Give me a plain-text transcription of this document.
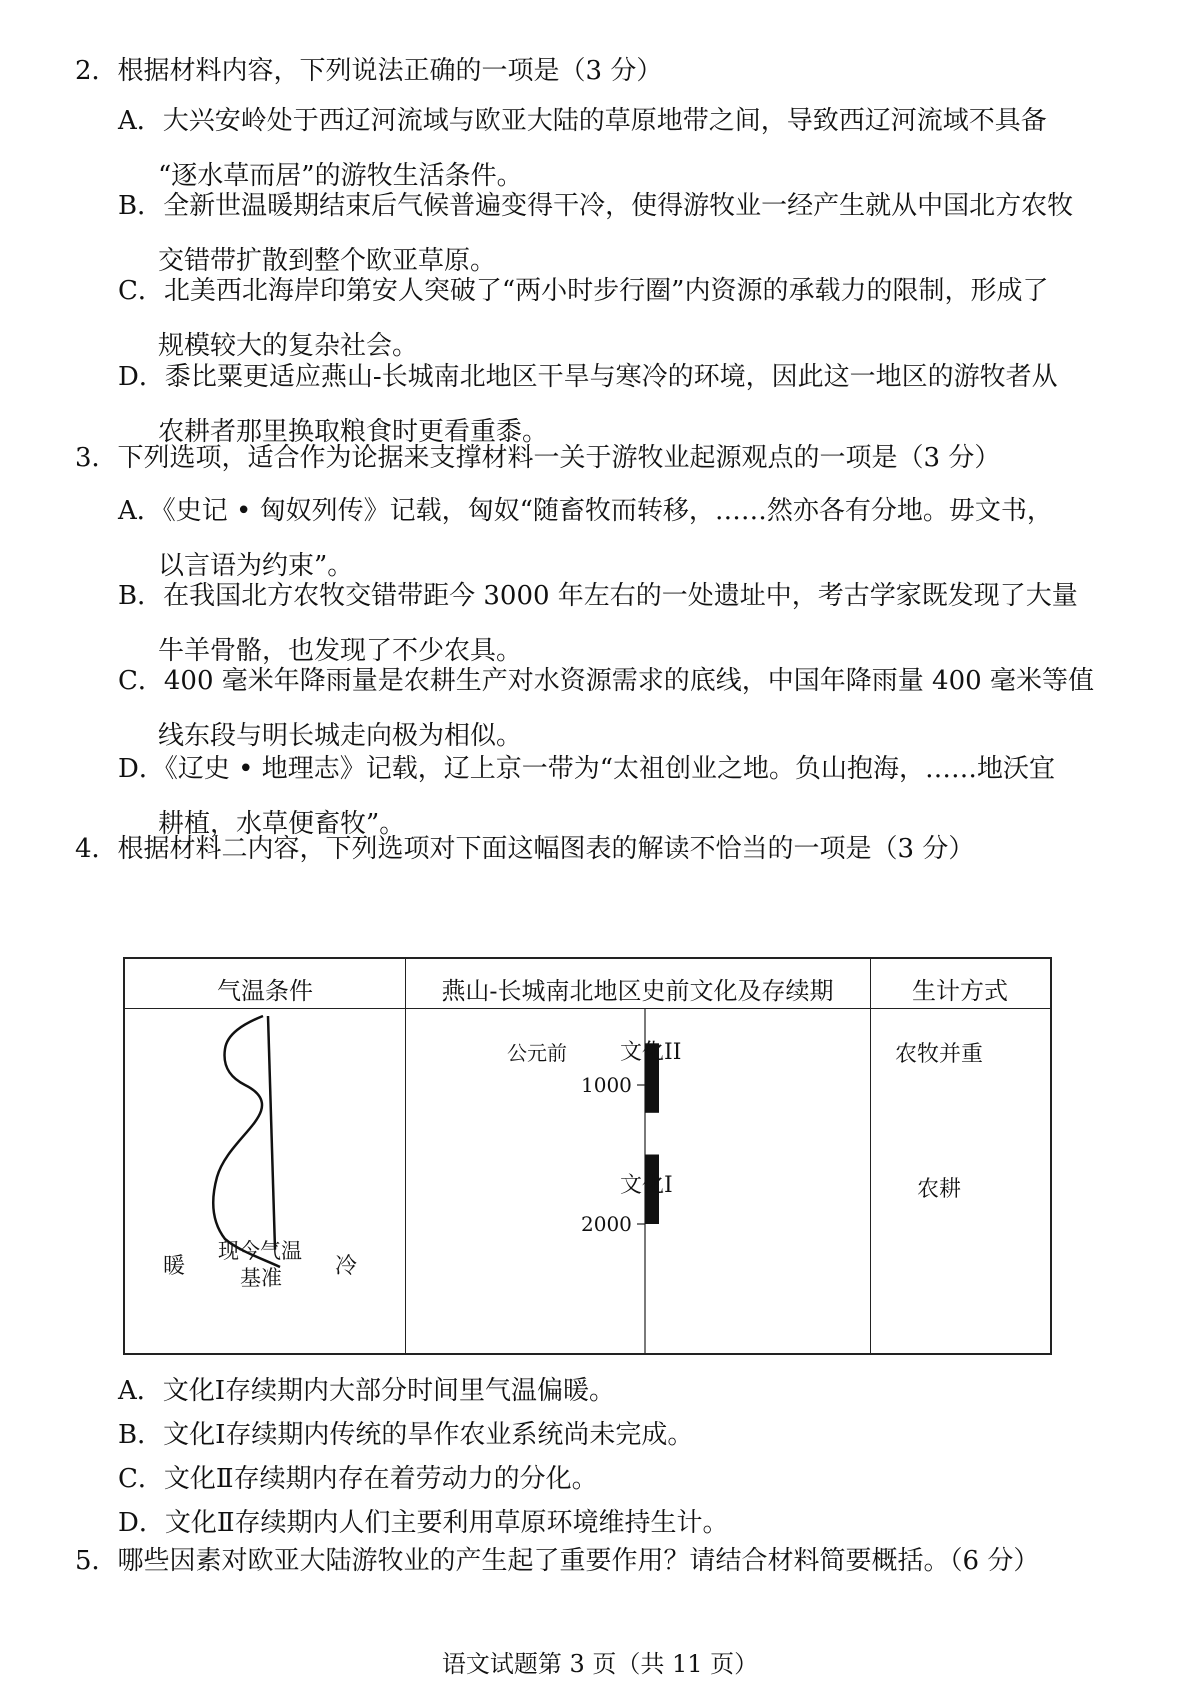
2．根据材料内容，下列说法正确的一项是（3 分）
A．大兴安岭处于西辽河流域与欧亚大陆的草原地带之间，导致西辽河流域不具备
“逐水草而居”的游牧生活条件。
B．全新世温暖期结束后气候普遍变得干冷，使得游牧业一经产生就从中国北方农牧
交错带扩散到整个欧亚草原。
C．北美西北海岸印第安人突破了“两小时步行圈”内资源的承载力的限制，形成了
规模较大的复杂社会。
D．黍比粟更适应燕山-长城南北地区干旱与寒冷的环境，因此这一地区的游牧者从
农耕者那里换取粮食时更看重黍。
3．下列选项，适合作为论据来支撑材料一关于游牧业起源观点的一项是（3 分）
A．《史记 • 匈奴列传》记载，匈奴“随畜牧而转移，……然亦各有分地。毋文书，
以言语为约束”。
B．在我国北方农牧交错带距今 3000 年左右的一处遗址中，考古学家既发现了大量
牛羊骨骼，也发现了不少农具。
C．400 毫米年降雨量是农耕生产对水资源需求的底线，中国年降雨量 400 毫米等值
线东段与明长城走向极为相似。
D．《辽史 • 地理志》记载，辽上京一带为“太祖创业之地。负山抱海，……地沃宜
耕植，水草便畜牧”。
4．根据材料二内容，下列选项对下面这幅图表的解读不恰当的一项是（3 分）
气温条件	燕山-长城南北地区史前文化及存续期	生计方式
公元前
1000
2000
文化II
文化I
农牧并重
农耕
暖
现今气温
基准 冷
A．文化Ⅰ存续期内大部分时间里气温偏暖。
B．文化Ⅰ存续期内传统的旱作农业系统尚未完成。
C．文化Ⅱ存续期内存在着劳动力的分化。
D．文化Ⅱ存续期内人们主要利用草原环境维持生计。
5．哪些因素对欧亚大陆游牧业的产生起了重要作用？请结合材料简要概括。（6 分）
语文试题第 3 页（共 11 页）
